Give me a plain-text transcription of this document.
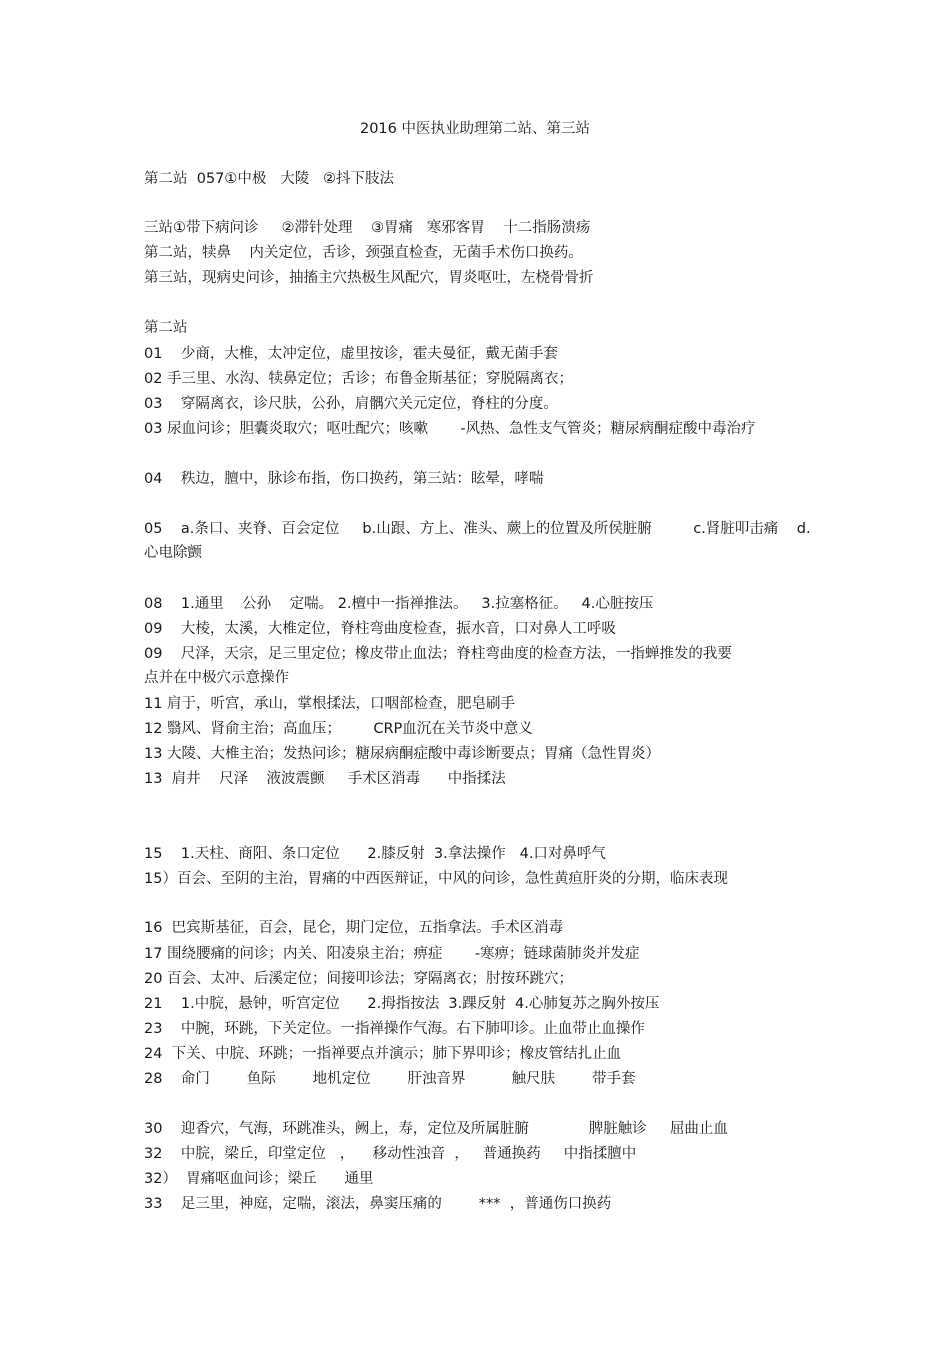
2016 中医执业助理第二站、第三站
第二站  057①中极   大陵   ②抖下肢法
三站①带下病问诊     ②滞针处理    ③胃痛   寒邪客胃    十二指肠溃疡
第二站，犊鼻    内关定位，舌诊，颈强直检查，无菌手术伤口换药。
第三站，现病史问诊，抽搐主穴热极生风配穴，胃炎呕吐，左桡骨骨折
第二站
01    少商，大椎，太冲定位，虚里按诊，霍夫曼征，戴无菌手套
02 手三里、水沟、犊鼻定位；舌诊；布鲁金斯基征；穿脱隔离衣；
03    穿隔离衣，诊尺肤，公孙，肩髃穴关元定位，脊柱的分度。
03 尿血问诊；胆囊炎取穴；呕吐配穴；咳嗽       -风热、急性支气管炎；糖尿病酮症酸中毒治疗
04    秩边，膻中，脉诊布指，伤口换药，第三站：眩晕，哮喘
05    a.条口、夹脊、百会定位     b.山跟、方上、准头、蕨上的位置及所侯脏腑         c.肾脏叩击痛    d.
心电除颤
08    1.通里    公孙    定喘。 2.檀中一指禅推法。   3.拉塞格征。   4.心脏按压
09    大棱，太溪，大椎定位，脊柱弯曲度检查，振水音，口对鼻人工呼吸
09    尺泽，天宗，足三里定位；橡皮带止血法；脊柱弯曲度的检查方法，一指蝉推发的我要
点并在中极穴示意操作
11 肩于，听宫，承山，掌根揉法，口咽部检查，肥皂刷手
12 翳风、肾俞主治；高血压；       CRP血沉在关节炎中意义
13 大陵、大椎主治；发热问诊；糖尿病酮症酸中毒诊断要点；胃痛（急性胃炎）
13  肩井    尺泽    液波震颤     手术区消毒      中指揉法
15    1.天柱、商阳、条口定位      2.膝反射  3.拿法操作   4.口对鼻呼气
15）百会、至阴的主治，胃痛的中西医辩证，中风的问诊，急性黄疸肝炎的分期，临床表现
16  巴宾斯基征，百会，昆仑，期门定位，五指拿法。手术区消毒
17 围绕腰痛的问诊；内关、阳凌泉主治；痹症       -寒痹；链球菌肺炎并发症
20 百会、太冲、后溪定位；间接叩诊法；穿隔离衣；肘按环跳穴；
21    1.中脘，悬钟，听宫定位      2.拇指按法  3.踝反射  4.心肺复苏之胸外按压
23    中腕，环跳，下关定位。一指禅操作气海。右下肺叩诊。止血带止血操作
24  下关、中脘、环跳；一指禅要点并演示；肺下界叩诊；橡皮管结扎止血
28    命门        鱼际        地机定位        肝浊音界          触尺肤        带手套
30    迎香穴，气海，环跳准头，阙上，寿，定位及所属脏腑             脾脏触诊     屈曲止血
32    中脘，梁丘，印堂定位   ，    移动性浊音  ，   普通换药     中指揉膻中
32）  胃痛呕血问诊；梁丘      通里
33    足三里，神庭，定喘，滚法，鼻窦压痛的        ***  ，普通伤口换药
